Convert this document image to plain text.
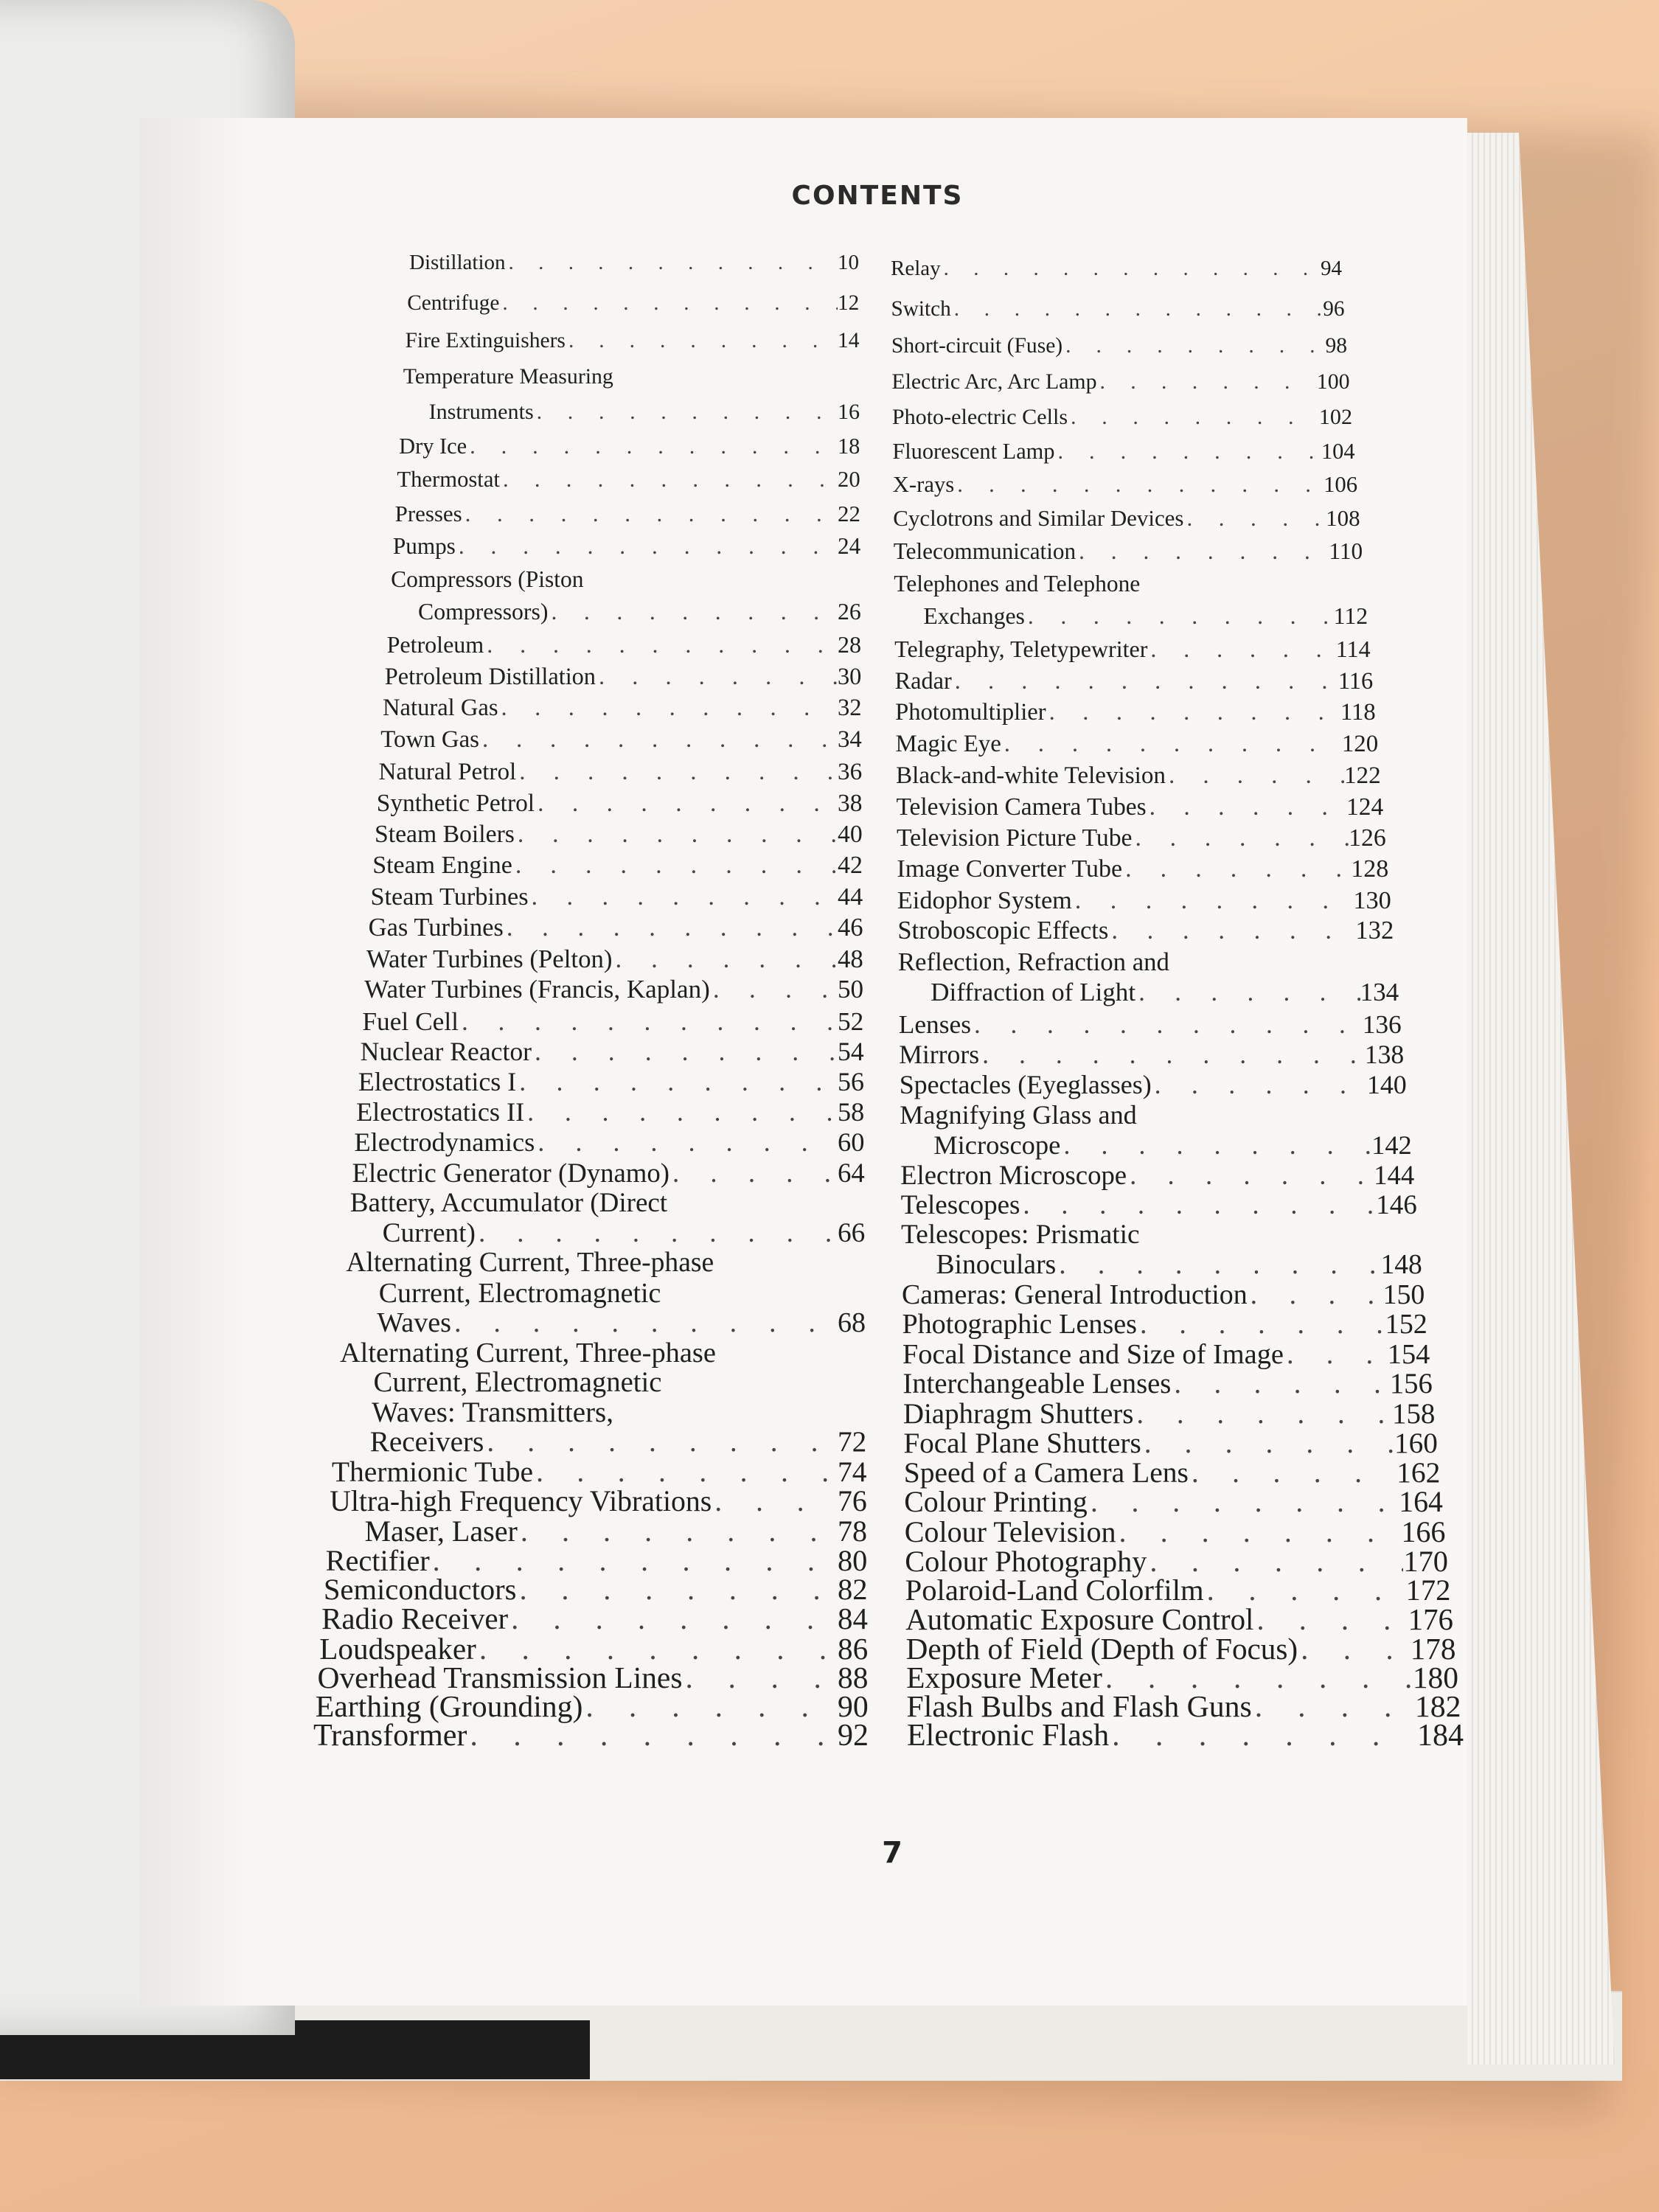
CONTENTS
Distillation . . .	10
Centrifuge . . .	12
Fire Extinguishers . . .	14
Temperature Measuring
Instruments . . .	16
Dry Ice . . .	18
Thermostat . . .	20
Presses . . .	22
Pumps . . .	24
Compressors (Piston
Compressors) . . .	26
Petroleum . . .	28
Petroleum Distillation . . .	30
Natural Gas . . .	32
Town Gas . . .	34
Natural Petrol . . .	36
Synthetic Petrol . . .	38
Steam Boilers . . .	40
Steam Engine . . .	42
Steam Turbines . . .	44
Gas Turbines . . .	46
Water Turbines (Pelton) . . .	48
Water Turbines (Francis, Kaplan) . . .	50
Fuel Cell . . .	52
Nuclear Reactor . . .	54
Electrostatics I . . .	56
Electrostatics II . . .	58
Electrodynamics . . .	60
Electric Generator (Dynamo) . . .	64
Battery, Accumulator (Direct
Current) . . .	66
Alternating Current, Three-phase
Current, Electromagnetic
Waves . . .	68
Alternating Current, Three-phase
Current, Electromagnetic
Waves: Transmitters,
Receivers . . .	72
Thermionic Tube . . .	74
Ultra-high Frequency Vibrations . . .	76
Maser, Laser . . .	78
Rectifier . . .	80
Semiconductors . . .	82
Radio Receiver . . .	84
Loudspeaker . . .	86
Overhead Transmission Lines . . .	88
Earthing (Grounding) . . .	90
Transformer . . .	92
Relay . . .	94
Switch . . .	96
Short-circuit (Fuse) . . .	98
Electric Arc, Arc Lamp . . .	100
Photo-electric Cells . . .	102
Fluorescent Lamp . . .	104
X-rays . . .	106
Cyclotrons and Similar Devices . . .	108
Telecommunication . . .	110
Telephones and Telephone
Exchanges . . .	112
Telegraphy, Teletypewriter . . .	114
Radar . . .	116
Photomultiplier . . .	118
Magic Eye . . .	120
Black-and-white Television . . .	122
Television Camera Tubes . . .	124
Television Picture Tube . . .	126
Image Converter Tube . . .	128
Eidophor System . . .	130
Stroboscopic Effects . . .	132
Reflection, Refraction and
Diffraction of Light . . .	134
Lenses . . .	136
Mirrors . . .	138
Spectacles (Eyeglasses) . . .	140
Magnifying Glass and
Microscope . . .	142
Electron Microscope . . .	144
Telescopes . . .	146
Telescopes: Prismatic
Binoculars . . .	148
Cameras: General Introduction . . .	150
Photographic Lenses . . .	152
Focal Distance and Size of Image . . .	154
Interchangeable Lenses . . .	156
Diaphragm Shutters . . .	158
Focal Plane Shutters . . .	160
Speed of a Camera Lens . . .	162
Colour Printing . . .	164
Colour Television . . .	166
Colour Photography . . .	170
Polaroid-Land Colorfilm . . .	172
Automatic Exposure Control . . .	176
Depth of Field (Depth of Focus) . . .	178
Exposure Meter . . .	180
Flash Bulbs and Flash Guns . . .	182
Electronic Flash . . .	184
7
